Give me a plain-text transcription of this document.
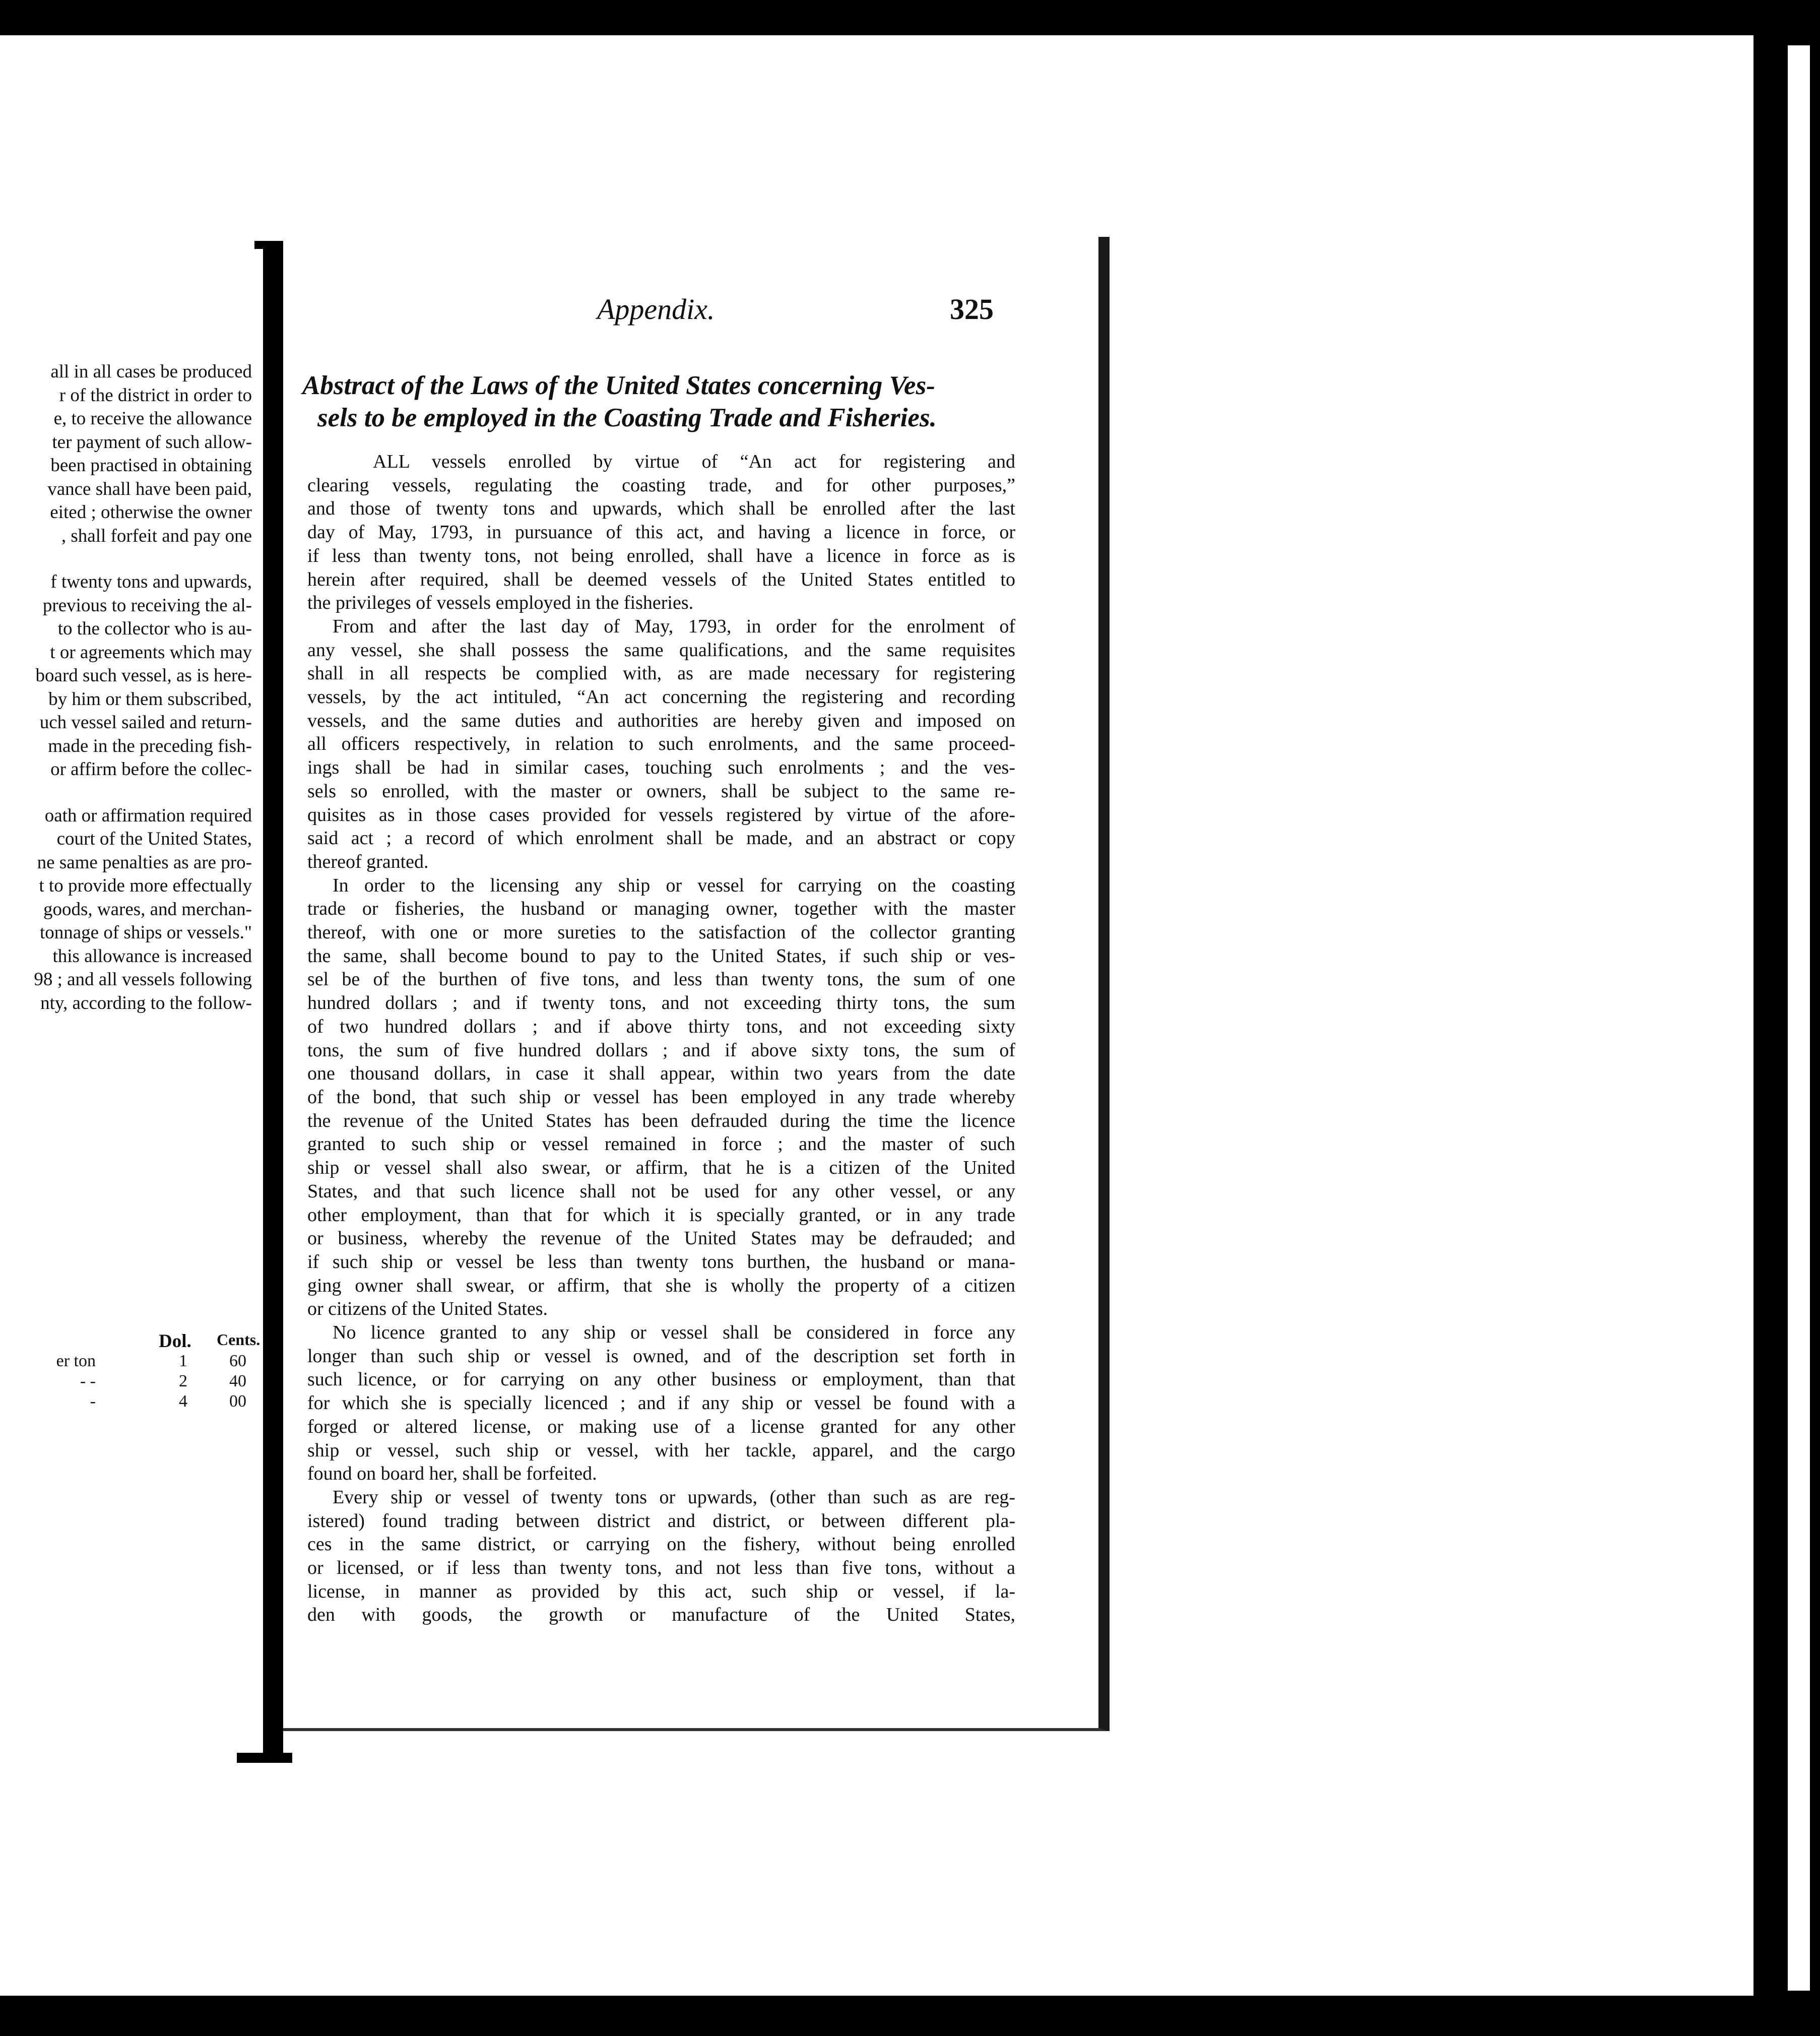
all in all cases be produced
r of the district in order to
e, to receive the allowance
ter payment of such allow-
been practised in obtaining
vance shall have been paid,
eited ; otherwise the owner
, shall forfeit and pay one
f twenty tons and upwards,
previous to receiving the al-
to the collector who is au-
t or agreements which may
board such vessel, as is here-
by him or them subscribed,
uch vessel sailed and return-
made in the preceding fish-
or affirm before the collec-
oath or affirmation required
court of the United States,
ne same penalties as are pro-
t to provide more effectually
goods, wares, and merchan-
tonnage of ships or vessels."
this allowance is increased
98 ; and all vessels following
nty, according to the follow-
Dol. Cents.
er ton	1 60
- -	2 40
-	4 00
Appendix.	325
Abstract of the Laws of the United States concerning Ves-
sels to be employed in the Coasting Trade and Fisheries.
ALL vessels enrolled by virtue of “An act for registering and
clearing vessels, regulating the coasting trade, and for other purposes,”
and those of twenty tons and upwards, which shall be enrolled after the last
day of May, 1793, in pursuance of this act, and having a licence in force, or
if less than twenty tons, not being enrolled, shall have a licence in force as is
herein after required, shall be deemed vessels of the United States entitled to
the privileges of vessels employed in the fisheries.
From and after the last day of May, 1793, in order for the enrolment of
any vessel, she shall possess the same qualifications, and the same requisites
shall in all respects be complied with, as are made necessary for registering
vessels, by the act intituled, “An act concerning the registering and recording
vessels, and the same duties and authorities are hereby given and imposed on
all officers respectively, in relation to such enrolments, and the same proceed-
ings shall be had in similar cases, touching such enrolments ; and the ves-
sels so enrolled, with the master or owners, shall be subject to the same re-
quisites as in those cases provided for vessels registered by virtue of the afore-
said act ; a record of which enrolment shall be made, and an abstract or copy
thereof granted.
In order to the licensing any ship or vessel for carrying on the coasting
trade or fisheries, the husband or managing owner, together with the master
thereof, with one or more sureties to the satisfaction of the collector granting
the same, shall become bound to pay to the United States, if such ship or ves-
sel be of the burthen of five tons, and less than twenty tons, the sum of one
hundred dollars ; and if twenty tons, and not exceeding thirty tons, the sum
of two hundred dollars ; and if above thirty tons, and not exceeding sixty
tons, the sum of five hundred dollars ; and if above sixty tons, the sum of
one thousand dollars, in case it shall appear, within two years from the date
of the bond, that such ship or vessel has been employed in any trade whereby
the revenue of the United States has been defrauded during the time the licence
granted to such ship or vessel remained in force ; and the master of such
ship or vessel shall also swear, or affirm, that he is a citizen of the United
States, and that such licence shall not be used for any other vessel, or any
other employment, than that for which it is specially granted, or in any trade
or business, whereby the revenue of the United States may be defrauded; and
if such ship or vessel be less than twenty tons burthen, the husband or mana-
ging owner shall swear, or affirm, that she is wholly the property of a citizen
or citizens of the United States.
No licence granted to any ship or vessel shall be considered in force any
longer than such ship or vessel is owned, and of the description set forth in
such licence, or for carrying on any other business or employment, than that
for which she is specially licenced ; and if any ship or vessel be found with a
forged or altered license, or making use of a license granted for any other
ship or vessel, such ship or vessel, with her tackle, apparel, and the cargo
found on board her, shall be forfeited.
Every ship or vessel of twenty tons or upwards, (other than such as are reg-
istered) found trading between district and district, or between different pla-
ces in the same district, or carrying on the fishery, without being enrolled
or licensed, or if less than twenty tons, and not less than five tons, without a
license, in manner as provided by this act, such ship or vessel, if la-
den with goods, the growth or manufacture of the United States,
